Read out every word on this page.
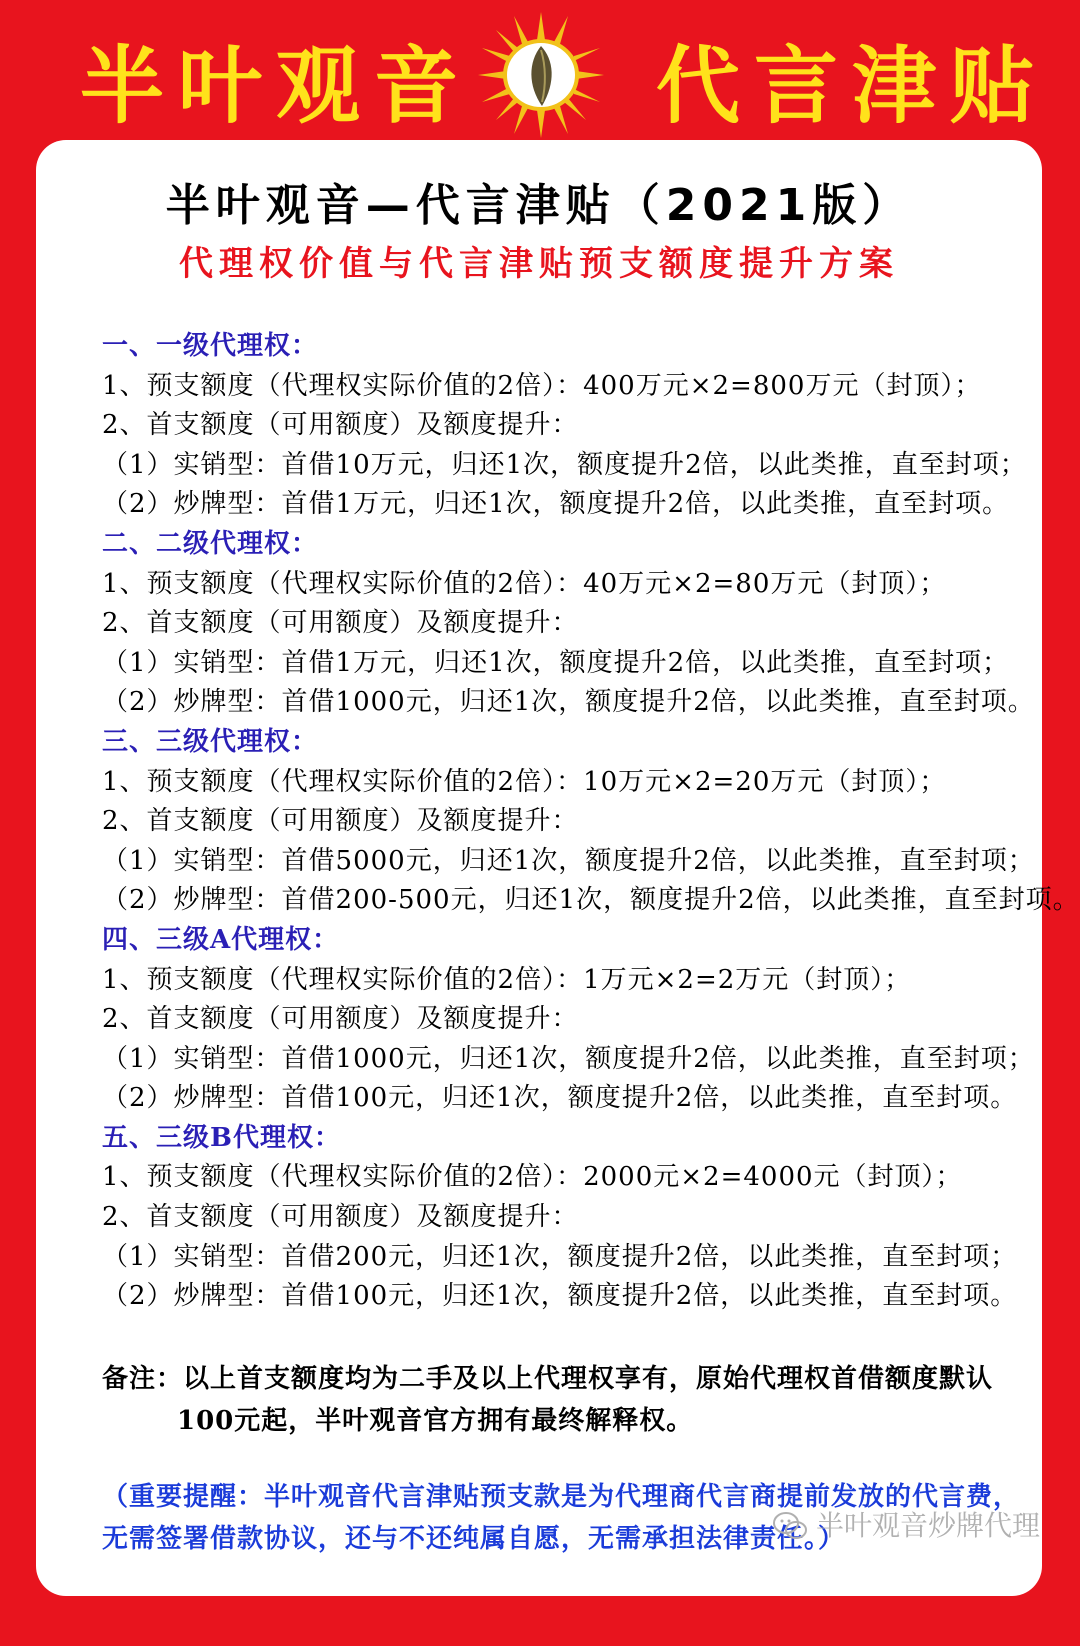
半叶观音 代言津贴
半叶观音—代言津贴（2021版）
代理权价值与代言津贴预支额度提升方案
一、一级代理权：
1、预支额度（代理权实际价值的2倍）：400万元×2=800万元（封顶）；
2、首支额度（可用额度）及额度提升：
（1）实销型：首借10万元，归还1次，额度提升2倍，以此类推，直至封项；
（2）炒牌型：首借1万元，归还1次，额度提升2倍，以此类推，直至封项。
二、二级代理权：
1、预支额度（代理权实际价值的2倍）：40万元×2=80万元（封顶）；
2、首支额度（可用额度）及额度提升：
（1）实销型：首借1万元，归还1次，额度提升2倍，以此类推，直至封项；
（2）炒牌型：首借1000元，归还1次，额度提升2倍，以此类推，直至封项。
三、三级代理权：
1、预支额度（代理权实际价值的2倍）：10万元×2=20万元（封顶）；
2、首支额度（可用额度）及额度提升：
（1）实销型：首借5000元，归还1次，额度提升2倍，以此类推，直至封项；
（2）炒牌型：首借200-500元，归还1次，额度提升2倍，以此类推，直至封项。
四、三级A代理权：
1、预支额度（代理权实际价值的2倍）：1万元×2=2万元（封顶）；
2、首支额度（可用额度）及额度提升：
（1）实销型：首借1000元，归还1次，额度提升2倍，以此类推，直至封项；
（2）炒牌型：首借100元，归还1次，额度提升2倍，以此类推，直至封项。
五、三级B代理权：
1、预支额度（代理权实际价值的2倍）：2000元×2=4000元（封顶）；
2、首支额度（可用额度）及额度提升：
（1）实销型：首借200元，归还1次，额度提升2倍，以此类推，直至封项；
（2）炒牌型：首借100元，归还1次，额度提升2倍，以此类推，直至封项。
备注：以上首支额度均为二手及以上代理权享有，原始代理权首借额度默认
100元起，半叶观音官方拥有最终解释权。
（重要提醒：半叶观音代言津贴预支款是为代理商代言商提前发放的代言费，
无需签署借款协议，还与不还纯属自愿，无需承担法律责任。）
半叶观音炒牌代理
